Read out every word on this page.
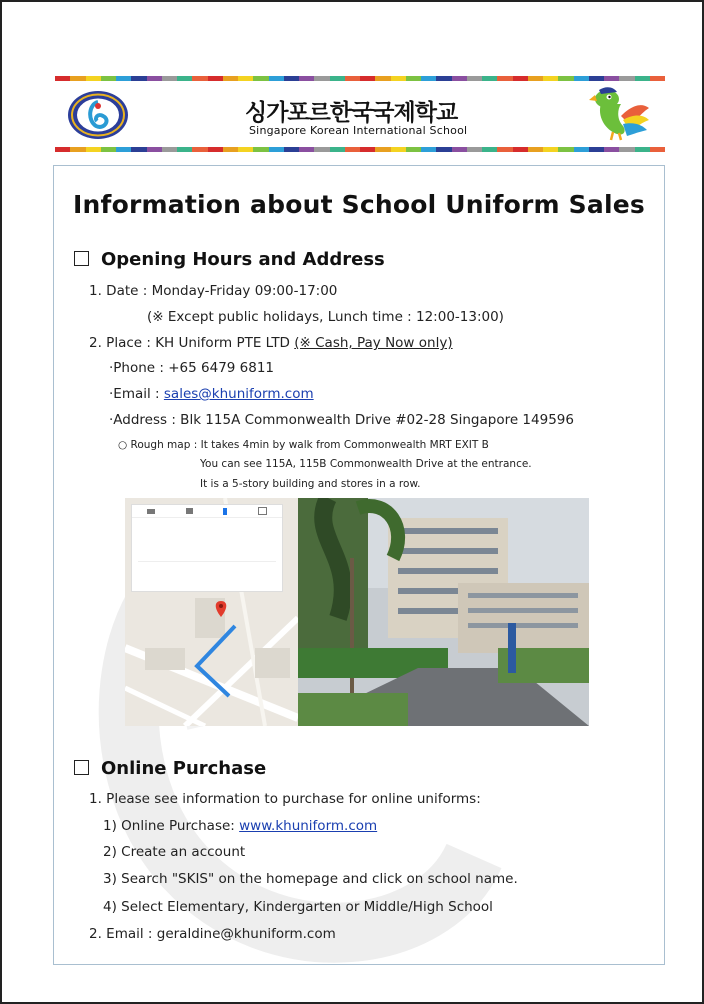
싱가포르한국국제학교
Singapore Korean International School
Information about School Uniform Sales
Opening Hours and Address
1. Date : Monday-Friday 09:00-17:00
(※ Except public holidays, Lunch time : 12:00-13:00)
2. Place : KH Uniform PTE LTD (※ Cash, Pay Now only)
·Phone : +65 6479 6811
·Email : sales@khuniform.com
·Address : Blk 115A Commonwealth Drive #02-28 Singapore 149596
○ Rough map : It takes 4min by walk from Commonwealth MRT EXIT B
You can see 115A, 115B Commonwealth Drive at the entrance.
It is a 5-story building and stores in a row.
Online Purchase
1. Please see information to purchase for online uniforms:
1) Online Purchase: www.khuniform.com
2) Create an account
3) Search "SKIS" on the homepage and click on school name.
4) Select Elementary, Kindergarten or Middle/High School
2. Email : geraldine@khuniform.com
